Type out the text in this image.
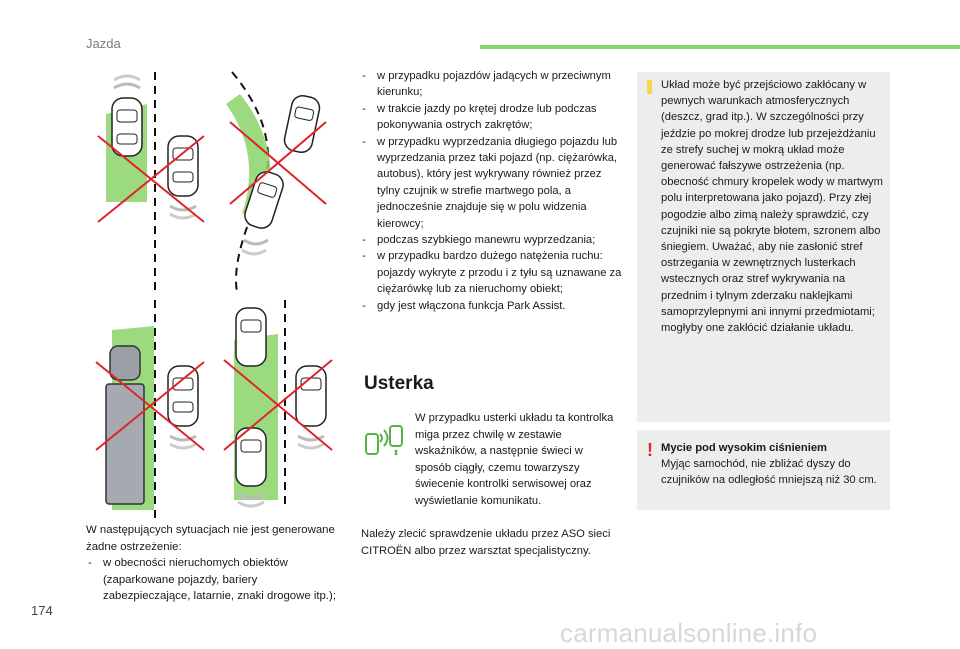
Jazda
W następujących sytuacjach nie jest generowane żadne ostrzeżenie:
- w obecności nieruchomych obiektów (zaparkowane pojazdy, bariery zabezpieczające, latarnie, znaki drogowe itp.);
- w przypadku pojazdów jadących w przeciwnym kierunku;
- w trakcie jazdy po krętej drodze lub podczas pokonywania ostrych zakrętów;
- w przypadku wyprzedzania długiego pojazdu lub wyprzedzania przez taki pojazd (np. ciężarówka, autobus), który jest wykrywany również przez tylny czujnik w strefie martwego pola, a jednocześnie znajduje się w polu widzenia kierowcy;
- podczas szybkiego manewru wyprzedzania;
- w przypadku bardzo dużego natężenia ruchu: pojazdy wykryte z przodu i z tyłu są uznawane za ciężarówkę lub za nieruchomy obiekt;
- gdy jest włączona funkcja Park Assist.
Usterka
W przypadku usterki układu ta kontrolka miga przez chwilę w zestawie wskaźników, a następnie świeci w sposób ciągły, czemu towarzyszy świecenie kontrolki serwisowej oraz wyświetlanie komunikatu.
Należy zlecić sprawdzenie układu przez ASO sieci CITROËN albo przez warsztat specjalistyczny.
Układ może być przejściowo zakłócany w pewnych warunkach atmosferycznych (deszcz, grad itp.). W szczególności przy jeździe po mokrej drodze lub przejeżdżaniu ze strefy suchej w mokrą układ może generować fałszywe ostrzeżenia (np. obecność chmury kropelek wody w martwym polu interpretowana jako pojazd). Przy złej pogodzie albo zimą należy sprawdzić, czy czujniki nie są pokryte błotem, szronem albo śniegiem. Uważać, aby nie zasłonić stref ostrzegania w zewnętrznych lusterkach wstecznych oraz stref wykrywania na przednim i tylnym zderzaku naklejkami samoprzylepnymi ani innymi przedmiotami; mogłyby one zakłócić działanie układu.
! Mycie pod wysokim ciśnieniem
Myjąc samochód, nie zbliżać dyszy do czujników na odległość mniejszą niż 30 cm.
174
carmanualsonline.info
